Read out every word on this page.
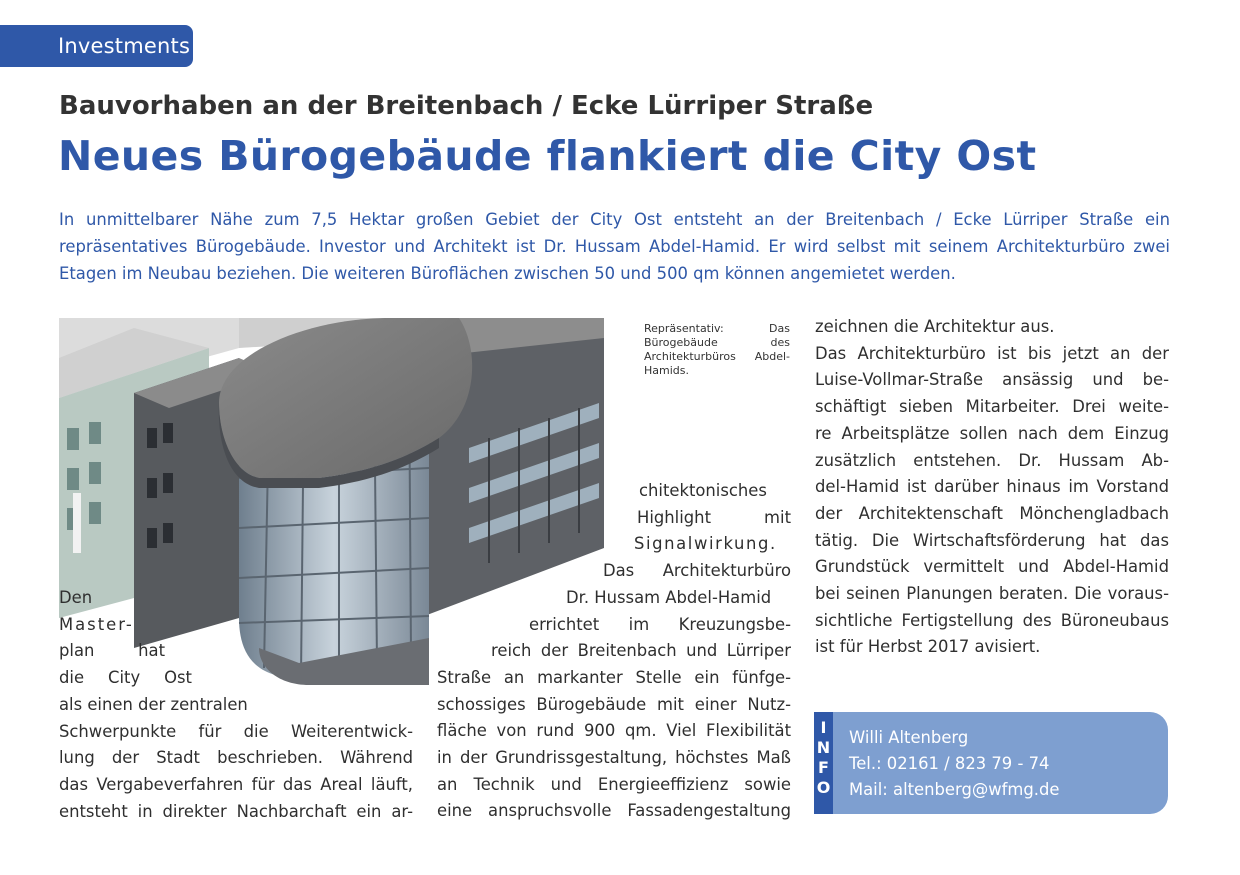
Investments
Bauvorhaben an der Breitenbach / Ecke Lürriper Straße
Neues Bürogebäude flankiert die City Ost
In unmittelbarer Nähe zum 7,5 Hektar großen Gebiet der City Ost entsteht an der Breitenbach / Ecke Lürriper Straße ein repräsentatives Bürogebäude. Investor und Architekt ist Dr. Hussam Abdel-Hamid. Er wird selbst mit seinem Architekturbüro zwei Etagen im Neubau beziehen. Die weiteren Büroflächen zwischen 50 und 500 qm können angemietet werden.
Repräsentativ: Das Bürogebäude des Architekturbüros Abdel-Hamids.
Den
Master-
plan hat
die City Ost
als einen der zentralen
Schwerpunkte für die Weiterentwick-
lung der Stadt beschrieben. Während
das Vergabeverfahren für das Areal läuft,
entsteht in direkter Nachbarchaft ein ar-
chitektonisches
Highlight mit
Signalwirkung.
Das Architekturbüro
Dr. Hussam Abdel-Hamid
errichtet im Kreuzungsbe-
reich der Breitenbach und Lürriper
Straße an markanter Stelle ein fünfge-
schossiges Bürogebäude mit einer Nutz-
fläche von rund 900 qm. Viel Flexibilität
in der Grundrissgestaltung, höchstes Maß
an Technik und Energieeffizienz sowie
eine anspruchsvolle Fassadengestaltung
zeichnen die Architektur aus.
Das Architekturbüro ist bis jetzt an der
Luise-Vollmar-Straße ansässig und be-
schäftigt sieben Mitarbeiter. Drei weite-
re Arbeitsplätze sollen nach dem Einzug
zusätzlich entstehen. Dr. Hussam Ab-
del-Hamid ist darüber hinaus im Vorstand
der Architektenschaft Mönchengladbach
tätig. Die Wirtschaftsförderung hat das
Grundstück vermittelt und Abdel-Hamid
bei seinen Planungen beraten. Die voraus-
sichtliche Fertigstellung des Büroneubaus
ist für Herbst 2017 avisiert.
I
N
F
O
Willi Altenberg
Tel.: 02161 / 823 79 - 74
Mail: altenberg@wfmg.de
